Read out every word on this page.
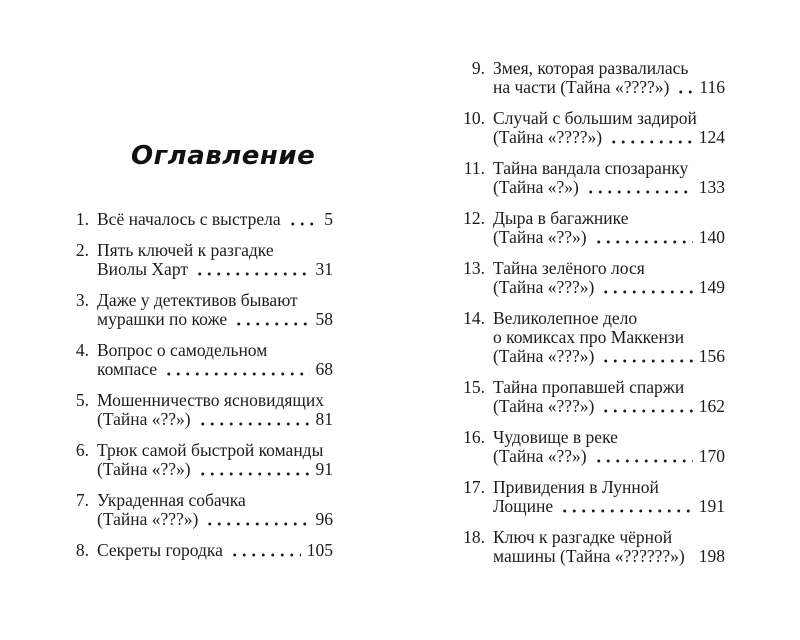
Оглавление
1. Всё началось с выстрела 5
2. Пять ключей к разгадке
Виолы Харт	31
3. Даже у детективов бывают
мурашки по коже	58
4. Вопрос о самодельном
компасе	68
5. Мошенничество ясновидящих
(Тайна «??»)	81
6. Трюк самой быстрой команды
(Тайна «??»)	91
7. Украденная собачка
(Тайна «???»)	96
8. Секреты городка	105
9. Змея, которая развалилась
на части (Тайна «????») 116
10. Случай с большим задирой
(Тайна «????»)	124
11. Тайна вандала спозаранку
(Тайна «?»)	133
12. Дыра в багажнике
(Тайна «??»)	140
13. Тайна зелёного лося
(Тайна «???»)	149
14. Великолепное дело
о комиксах про Маккензи
(Тайна «???»)	156
15. Тайна пропавшей спаржи
(Тайна «???»)	162
16. Чудовище в реке
(Тайна «??»)	170
17. Привидения в Лунной
Лощине	191
18. Ключ к разгадке чёрной
машины (Тайна «??????») 198
